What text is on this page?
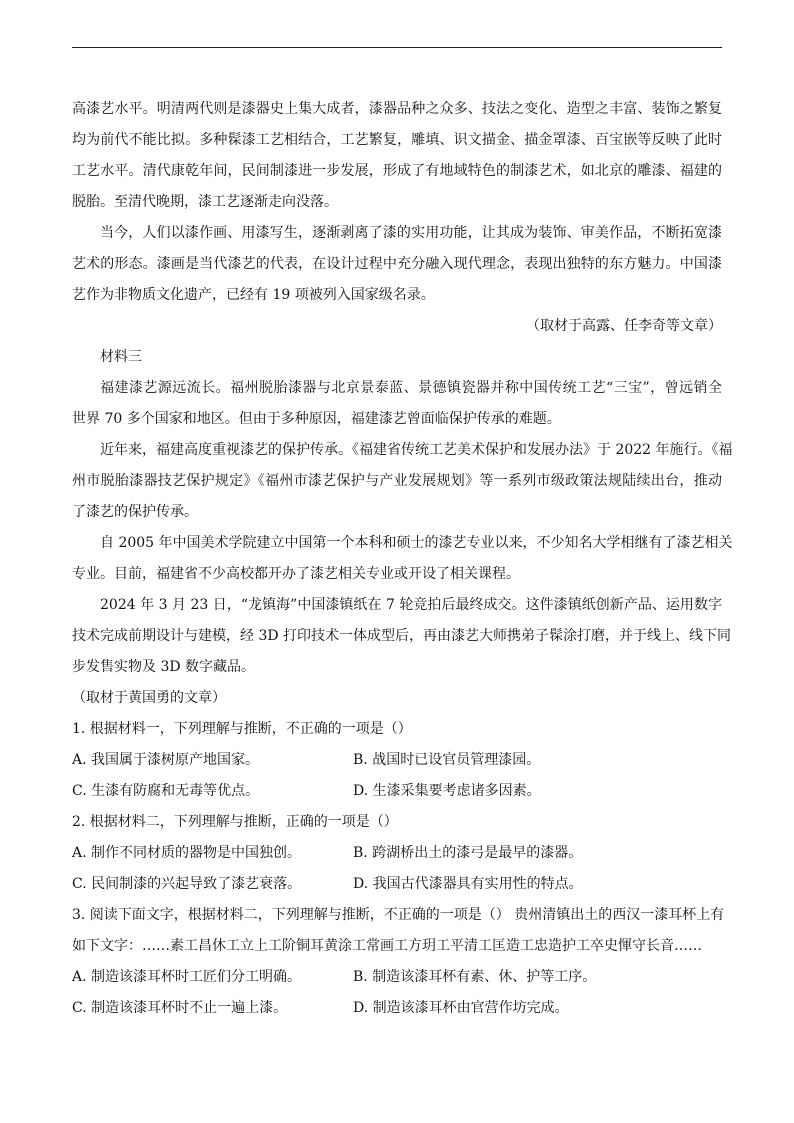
高漆艺水平。明清两代则是漆器史上集大成者，漆器品种之众多、技法之变化、造型之丰富、装饰之繁复
均为前代不能比拟。多种髹漆工艺相结合，工艺繁复，雕填、识文描金、描金罩漆、百宝嵌等反映了此时
工艺水平。清代康乾年间，民间制漆进一步发展，形成了有地域特色的制漆艺术，如北京的雕漆、福建的
脱胎。至清代晚期，漆工艺逐渐走向没落。
当今，人们以漆作画、用漆写生，逐渐剥离了漆的实用功能，让其成为装饰、审美作品，不断拓宽漆
艺术的形态。漆画是当代漆艺的代表，在设计过程中充分融入现代理念，表现出独特的东方魅力。中国漆
艺作为非物质文化遗产，已经有 19 项被列入国家级名录。
（取材于高露、任李奇等文章）
材料三
福建漆艺源远流长。福州脱胎漆器与北京景泰蓝、景德镇瓷器并称中国传统工艺“三宝”，曾远销全
世界 70 多个国家和地区。但由于多种原因，福建漆艺曾面临保护传承的难题。
近年来，福建高度重视漆艺的保护传承。《福建省传统工艺美术保护和发展办法》于 2022 年施行。《福
州市脱胎漆器技艺保护规定》《福州市漆艺保护与产业发展规划》等一系列市级政策法规陆续出台，推动
了漆艺的保护传承。
自 2005 年中国美术学院建立中国第一个本科和硕士的漆艺专业以来，不少知名大学相继有了漆艺相关
专业。目前，福建省不少高校都开办了漆艺相关专业或开设了相关课程。
2024 年 3 月 23 日，“龙镇海”中国漆镇纸在 7 轮竞拍后最终成交。这件漆镇纸创新产品、运用数字
技术完成前期设计与建模，经 3D 打印技术一体成型后，再由漆艺大师携弟子髹涂打磨，并于线上、线下同
步发售实物及 3D 数字藏品。
（取材于黄国勇的文章）
1. 根据材料一，下列理解与推断，不正确的一项是（）
A. 我国属于漆树原产地国家。	B. 战国时已设官员管理漆园。
C. 生漆有防腐和无毒等优点。	D. 生漆采集要考虑诸多因素。
2. 根据材料二，下列理解与推断，正确的一项是（）
A. 制作不同材质的器物是中国独创。	B. 跨湖桥出土的漆弓是最早的漆器。
C. 民间制漆的兴起导致了漆艺衰落。	D. 我国古代漆器具有实用性的特点。
3. 阅读下面文字，根据材料二，下列理解与推断，不正确的一项是（） 贵州清镇出土的西汉一漆耳杯上有
如下文字：……素工昌休工立上工阶铜耳黄涂工常画工方玥工平清工匡造工忠造护工卒史惲守长音……
A. 制造该漆耳杯时工匠们分工明确。	B. 制造该漆耳杯有素、休、护等工序。
C. 制造该漆耳杯时不止一遍上漆。	D. 制造该漆耳杯由官营作坊完成。
